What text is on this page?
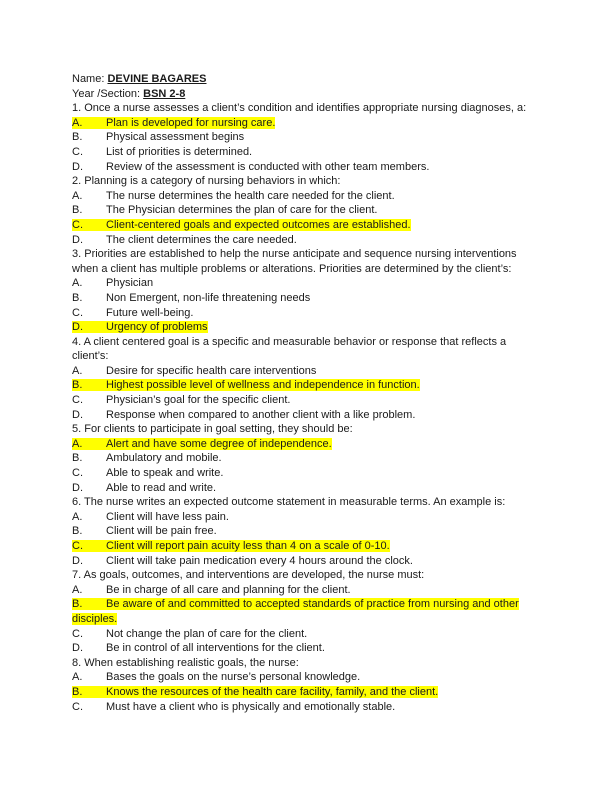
Name: DEVINE BAGARES
Year /Section: BSN 2-8
1. Once a nurse assesses a client’s condition and identifies appropriate nursing diagnoses, a:
A. Plan is developed for nursing care.
B. Physical assessment begins
C. List of priorities is determined.
D. Review of the assessment is conducted with other team members.
2. Planning is a category of nursing behaviors in which:
A. The nurse determines the health care needed for the client.
B. The Physician determines the plan of care for the client.
C. Client-centered goals and expected outcomes are established.
D. The client determines the care needed.
3. Priorities are established to help the nurse anticipate and sequence nursing interventions when a client has multiple problems or alterations. Priorities are determined by the client’s:
A. Physician
B. Non Emergent, non-life threatening needs
C. Future well-being.
D. Urgency of problems
4. A client centered goal is a specific and measurable behavior or response that reflects a client’s:
A. Desire for specific health care interventions
B. Highest possible level of wellness and independence in function.
C. Physician’s goal for the specific client.
D. Response when compared to another client with a like problem.
5. For clients to participate in goal setting, they should be:
A. Alert and have some degree of independence.
B. Ambulatory and mobile.
C. Able to speak and write.
D. Able to read and write.
6. The nurse writes an expected outcome statement in measurable terms. An example is:
A. Client will have less pain.
B. Client will be pain free.
C. Client will report pain acuity less than 4 on a scale of 0-10.
D. Client will take pain medication every 4 hours around the clock.
7. As goals, outcomes, and interventions are developed, the nurse must:
A. Be in charge of all care and planning for the client.
B. Be aware of and committed to accepted standards of practice from nursing and other
disciples.
C. Not change the plan of care for the client.
D. Be in control of all interventions for the client.
8. When establishing realistic goals, the nurse:
A. Bases the goals on the nurse’s personal knowledge.
B. Knows the resources of the health care facility, family, and the client.
C. Must have a client who is physically and emotionally stable.
